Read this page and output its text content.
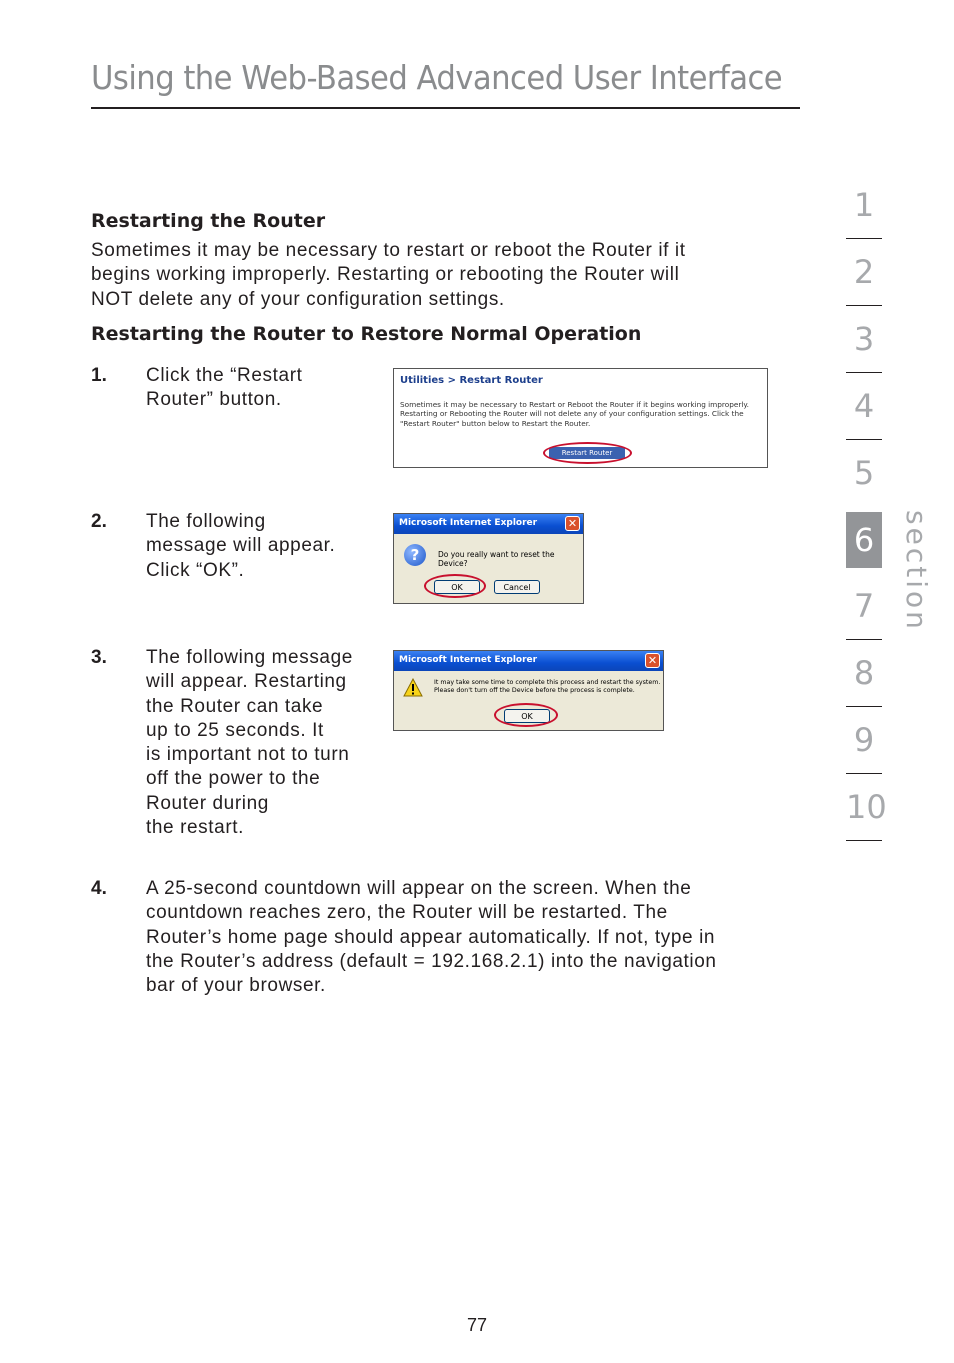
Using the Web-Based Advanced User Interface
Restarting the Router
Sometimes it may be necessary to restart or reboot the Router if it
begins working improperly. Restarting or rebooting the Router will
NOT delete any of your configuration settings.
Restarting the Router to Restore Normal Operation
1. Click the “Restart
Router” button.
Utilities > Restart Router
Sometimes it may be necessary to Restart or Reboot the Router if it begins working improperly.
Restarting or Rebooting the Router will not delete any of your configuration settings. Click the
"Restart Router" button below to Restart the Router.
Restart Router
2. The following
message will appear.
Click “OK”.
Microsoft Internet Explorer	✕
?	Do you really want to reset the Device?
OK	Cancel
3. The following message
will appear. Restarting
the Router can take
up to 25 seconds. It
is important not to turn
off the power to the
Router during
the restart.
Microsoft Internet Explorer	✕
It may take some time to complete this process and restart the system.
Please don't turn off the Device before the process is complete.
OK
4. A 25-second countdown will appear on the screen. When the
countdown reaches zero, the Router will be restarted. The
Router’s home page should appear automatically. If not, type in
the Router’s address (default = 192.168.2.1) into the navigation
bar of your browser.
1
2
3
4
5
6
7
8
9
10
section
77
